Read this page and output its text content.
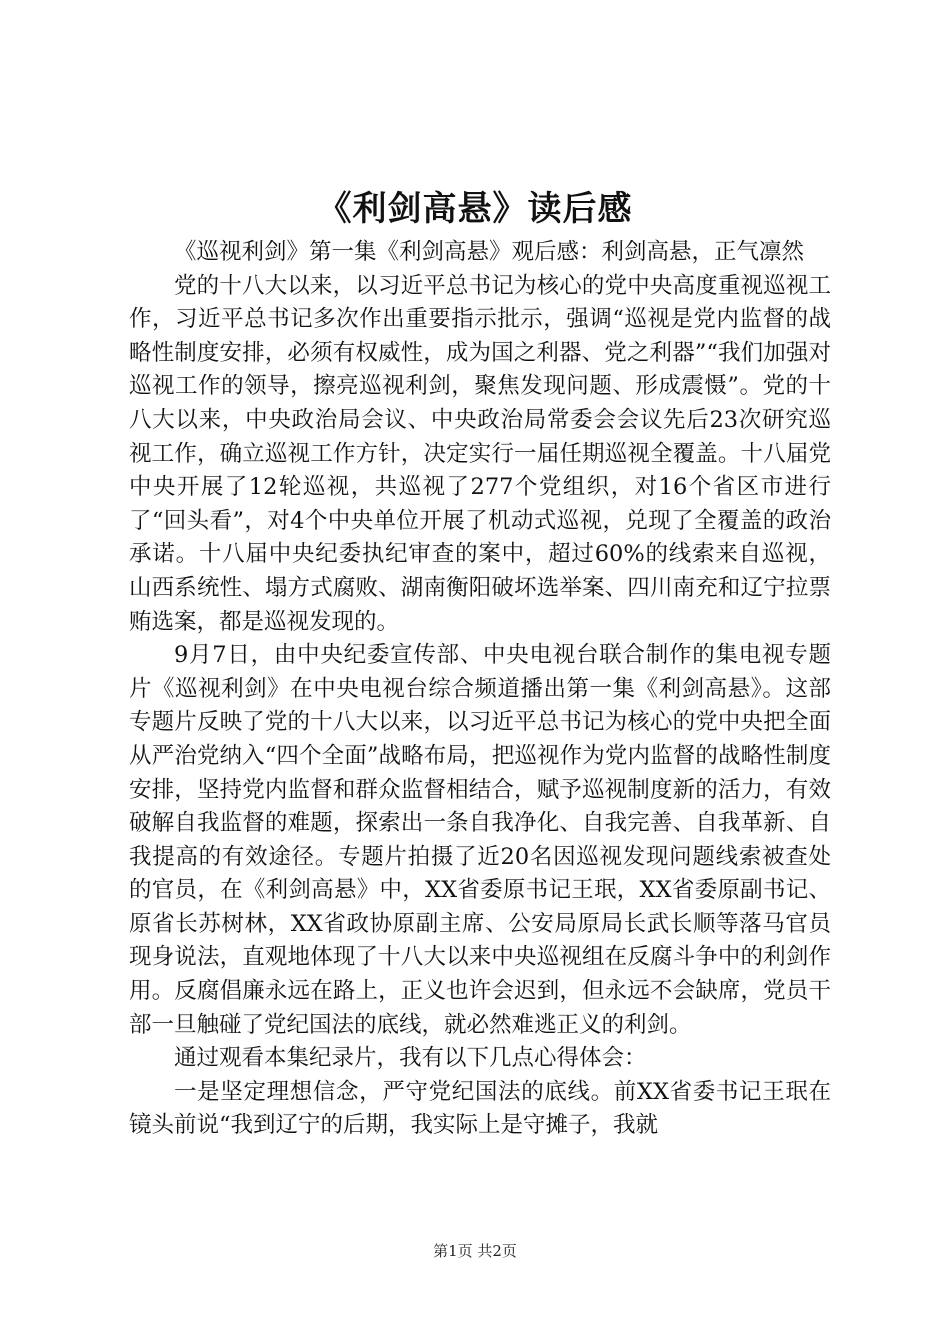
《利剑高悬》读后感

《巡视利剑》第一集《利剑高悬》观后感：利剑高悬，正气凛然

党的十八大以来，以习近平总书记为核心的党中央高度重视巡视工作，习近平总书记多次作出重要指示批示，强调“巡视是党内监督的战略性制度安排，必须有权威性，成为国之利器、党之利器”“我们加强对巡视工作的领导，擦亮巡视利剑，聚焦发现问题、形成震慑”。党的十八大以来，中央政治局会议、中央政治局常委会会议先后23次研究巡视工作，确立巡视工作方针，决定实行一届任期巡视全覆盖。十八届党中央开展了12轮巡视，共巡视了277个党组织，对16个省区市进行了“回头看”，对4个中央单位开展了机动式巡视，兑现了全覆盖的政治承诺。十八届中央纪委执纪审查的案中，超过60%的线索来自巡视，山西系统性、塌方式腐败、湖南衡阳破坏选举案、四川南充和辽宁拉票贿选案，都是巡视发现的。

9月7日，由中央纪委宣传部、中央电视台联合制作的集电视专题片《巡视利剑》在中央电视台综合频道播出第一集《利剑高悬》。这部专题片反映了党的十八大以来，以习近平总书记为核心的党中央把全面从严治党纳入“四个全面”战略布局，把巡视作为党内监督的战略性制度安排，坚持党内监督和群众监督相结合，赋予巡视制度新的活力，有效破解自我监督的难题，探索出一条自我净化、自我完善、自我革新、自我提高的有效途径。专题片拍摄了近20名因巡视发现问题线索被查处的官员，在《利剑高悬》中，XX省委原书记王珉，XX省委原副书记、原省长苏树林，XX省政协原副主席、公安局原局长武长顺等落马官员现身说法，直观地体现了十八大以来中央巡视组在反腐斗争中的利剑作用。反腐倡廉永远在路上，正义也许会迟到，但永远不会缺席，党员干部一旦触碰了党纪国法的底线，就必然难逃正义的利剑。

通过观看本集纪录片，我有以下几点心得体会：

一是坚定理想信念，严守党纪国法的底线。前XX省委书记王珉在镜头前说“我到辽宁的后期，我实际上是守摊子，我就

第1页 共2页
